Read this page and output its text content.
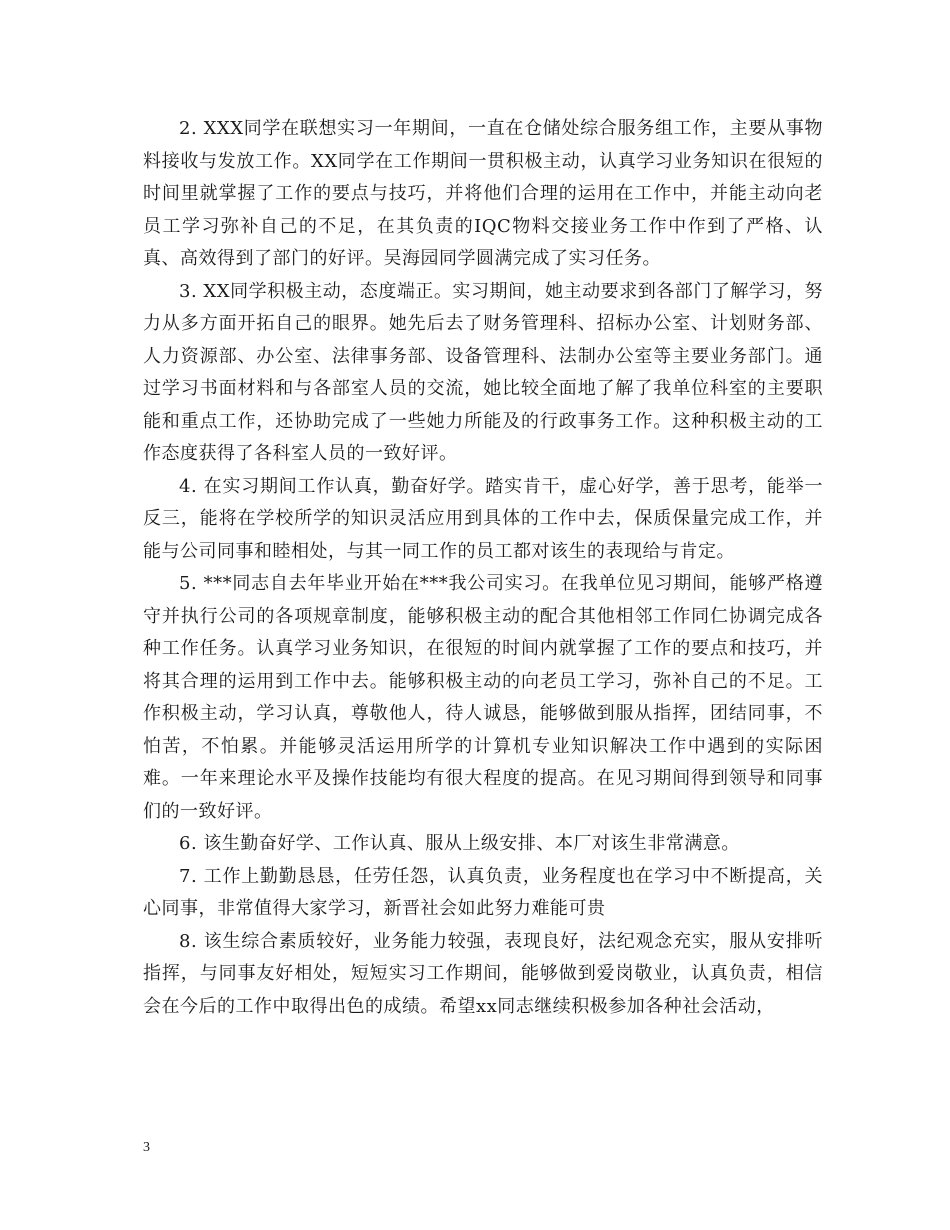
2. XXX同学在联想实习一年期间，一直在仓储处综合服务组工作，主要从事物料接收与发放工作。XX同学在工作期间一贯积极主动，认真学习业务知识在很短的时间里就掌握了工作的要点与技巧，并将他们合理的运用在工作中，并能主动向老员工学习弥补自己的不足，在其负责的IQC物料交接业务工作中作到了严格、认真、高效得到了部门的好评。吴海园同学圆满完成了实习任务。

3. XX同学积极主动，态度端正。实习期间，她主动要求到各部门了解学习，努力从多方面开拓自己的眼界。她先后去了财务管理科、招标办公室、计划财务部、人力资源部、办公室、法律事务部、设备管理科、法制办公室等主要业务部门。通过学习书面材料和与各部室人员的交流，她比较全面地了解了我单位科室的主要职能和重点工作，还协助完成了一些她力所能及的行政事务工作。这种积极主动的工作态度获得了各科室人员的一致好评。

4. 在实习期间工作认真，勤奋好学。踏实肯干，虚心好学，善于思考，能举一反三，能将在学校所学的知识灵活应用到具体的工作中去，保质保量完成工作，并能与公司同事和睦相处，与其一同工作的员工都对该生的表现给与肯定。

5. ***同志自去年毕业开始在***我公司实习。在我单位见习期间，能够严格遵守并执行公司的各项规章制度，能够积极主动的配合其他相邻工作同仁协调完成各种工作任务。认真学习业务知识，在很短的时间内就掌握了工作的要点和技巧，并将其合理的运用到工作中去。能够积极主动的向老员工学习，弥补自己的不足。工作积极主动，学习认真，尊敬他人，待人诚恳，能够做到服从指挥，团结同事，不怕苦，不怕累。并能够灵活运用所学的计算机专业知识解决工作中遇到的实际困难。一年来理论水平及操作技能均有很大程度的提高。在见习期间得到领导和同事们的一致好评。

6. 该生勤奋好学、工作认真、服从上级安排、本厂对该生非常满意。

7. 工作上勤勤恳恳，任劳任怨，认真负责，业务程度也在学习中不断提高，关心同事，非常值得大家学习，新晋社会如此努力难能可贵

8. 该生综合素质较好，业务能力较强，表现良好，法纪观念充实，服从安排听指挥，与同事友好相处，短短实习工作期间，能够做到爱岗敬业，认真负责，相信会在今后的工作中取得出色的成绩。希望xx同志继续积极参加各种社会活动，

3
